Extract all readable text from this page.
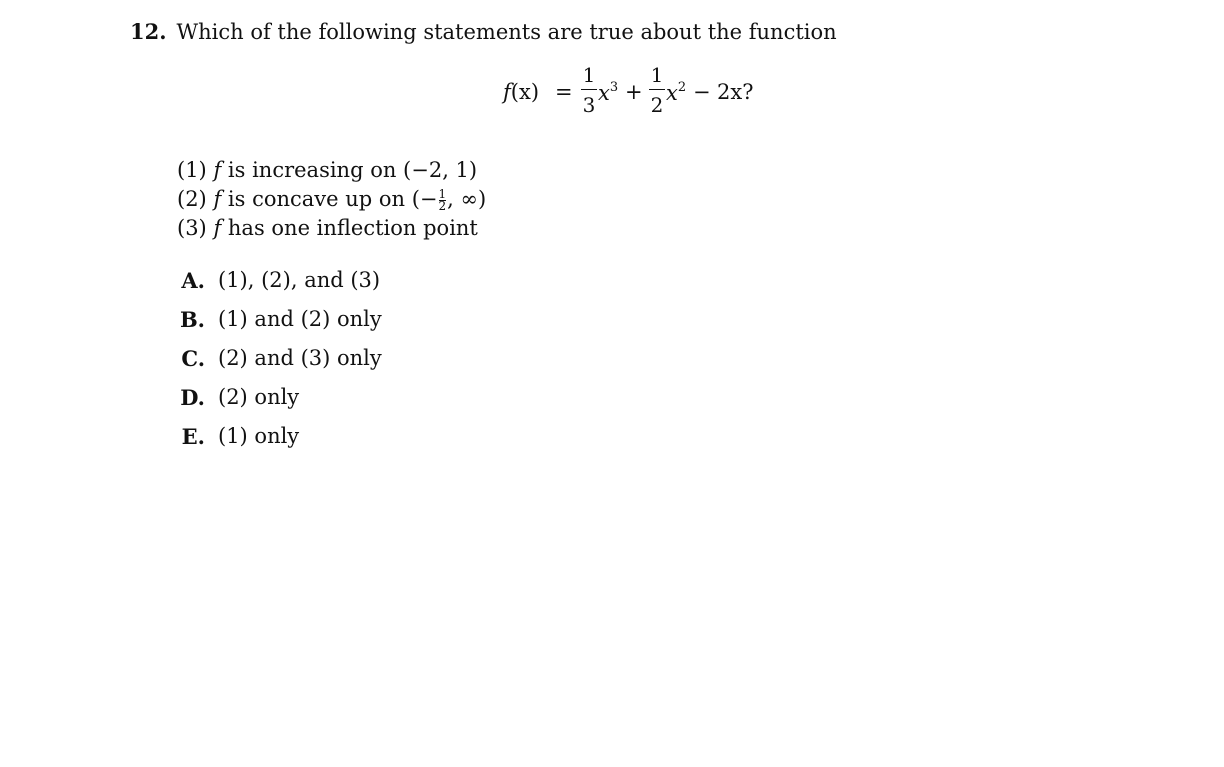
12. Which of the following statements are true about the function
f(x) =
1
3 $x^3$ +
1
2 $x^2 - 2x$?
(1) f is increasing on (−2, 1)
(2) f is concave up on (− $\frac{1}{2}$ , ∞)
(3) f has one inflection point
A. (1), (2), and (3)
B. (1) and (2) only
C. (2) and (3) only
D. (2) only
E. (1) only
